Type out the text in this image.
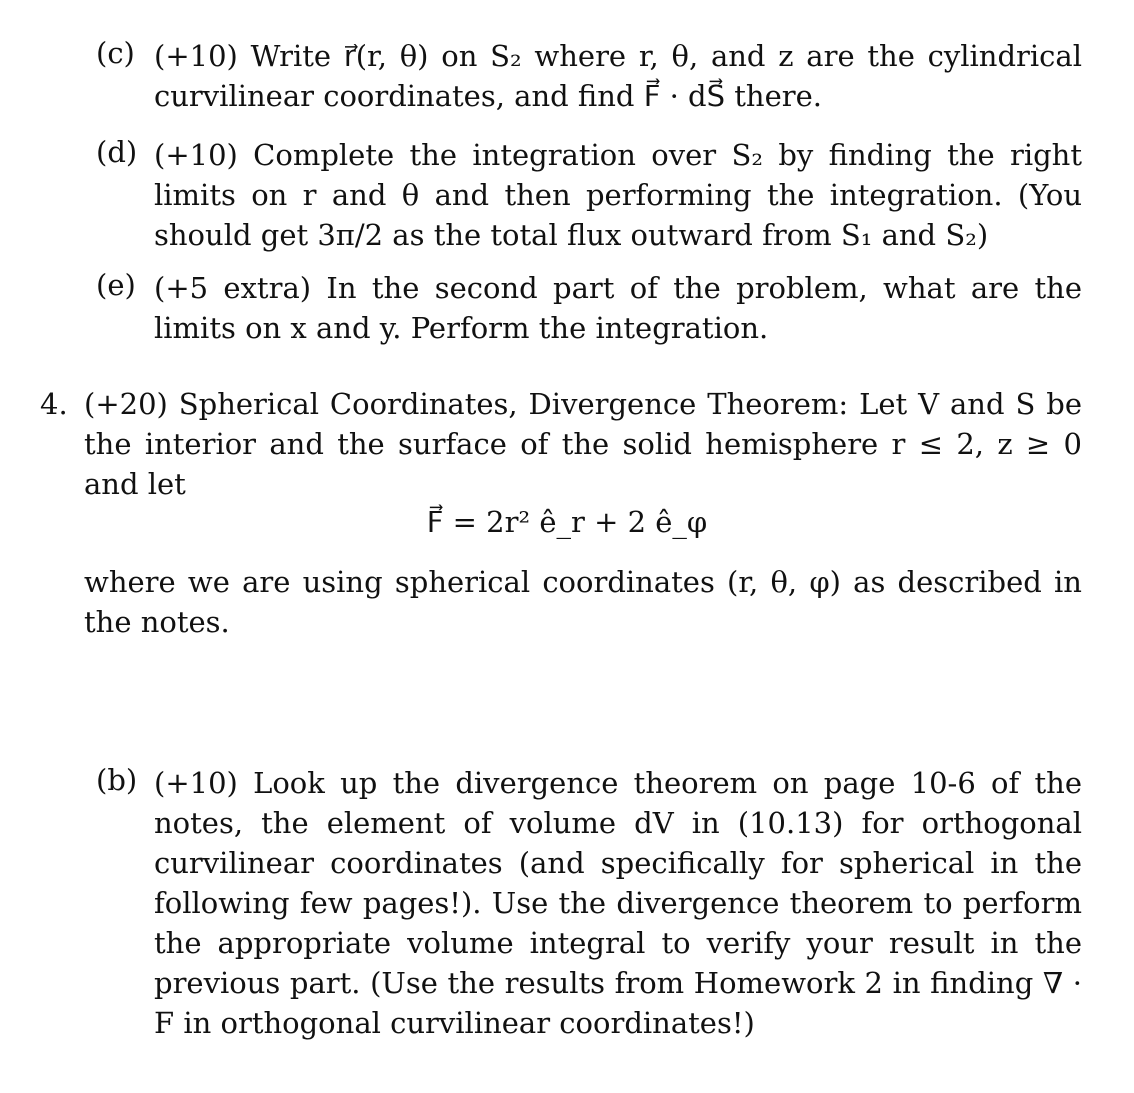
(c) (+10) Write r⃗(r, θ) on S₂ where r, θ, and z are the cylindrical curvilinear coordinates, and find F⃗ · dS⃗ there.
(d) (+10) Complete the integration over S₂ by finding the right limits on r and θ and then performing the integration. (You should get 3π/2 as the total flux outward from S₁ and S₂)
(e) (+5 extra) In the second part of the problem, what are the limits on x and y. Perform the integration.
4. (+20) Spherical Coordinates, Divergence Theorem: Let V and S be the interior and the surface of the solid hemisphere r ≤ 2, z ≥ 0 and let
F⃗ = 2r² ê_r + 2 ê_φ
where we are using spherical coordinates (r, θ, φ) as described in the notes.
(b) (+10) Look up the divergence theorem on page 10-6 of the notes, the element of volume dV in (10.13) for orthogonal curvilinear coordinates (and specifically for spherical in the following few pages!). Use the divergence theorem to perform the appropriate volume integral to verify your result in the previous part. (Use the results from Homework 2 in finding ∇ · F in orthogonal curvilinear coordinates!)
